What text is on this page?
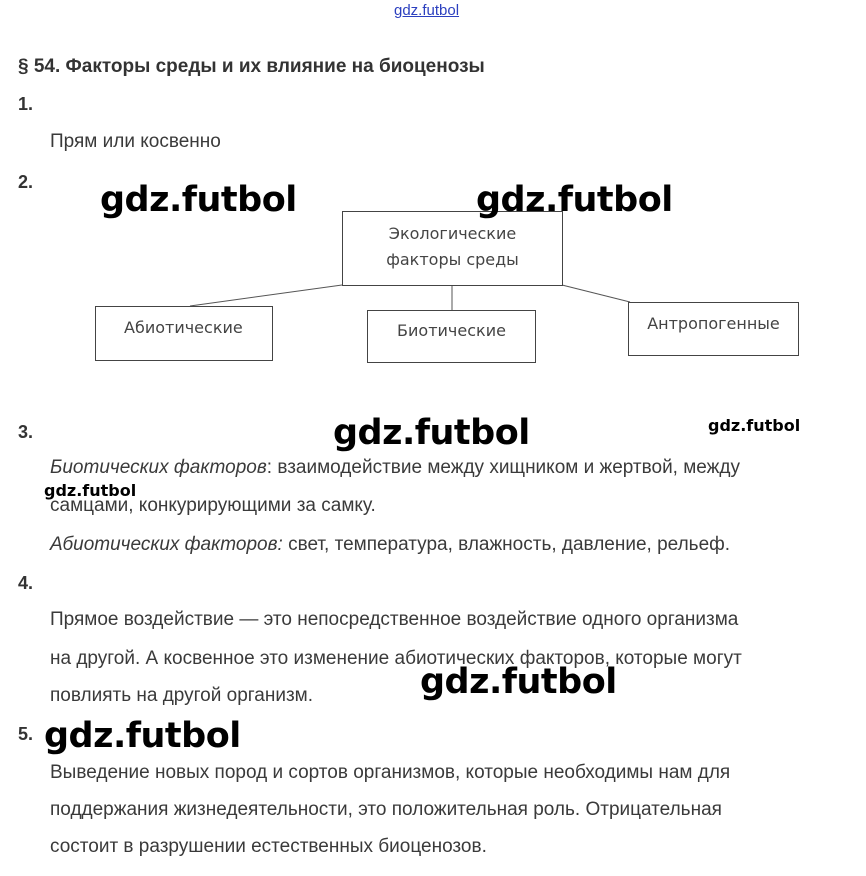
gdz.futbol
§ 54. Факторы среды и их влияние на биоценозы
1.
Прям или косвенно
2.
Экологические
факторы среды
Абиотические	Биотические	Антропогенные
3.
Биотических факторов: взаимодействие между хищником и жертвой, между
самцами, конкурирующими за самку.
Абиотических факторов: свет, температура, влажность, давление, рельеф.
4.
Прямое воздействие — это непосредственное воздействие одного организма
на другой. А косвенное это изменение абиотических факторов, которые могут
повлиять на другой организм.
5.
Выведение новых пород и сортов организмов, которые необходимы нам для
поддержания жизнедеятельности, это положительная роль. Отрицательная
состоит в разрушении естественных биоценозов.
gdz.futbol	gdz.futbol
gdz.futbol	gdz.futbol
gdz.futbol
gdz.futbol
gdz.futbol
